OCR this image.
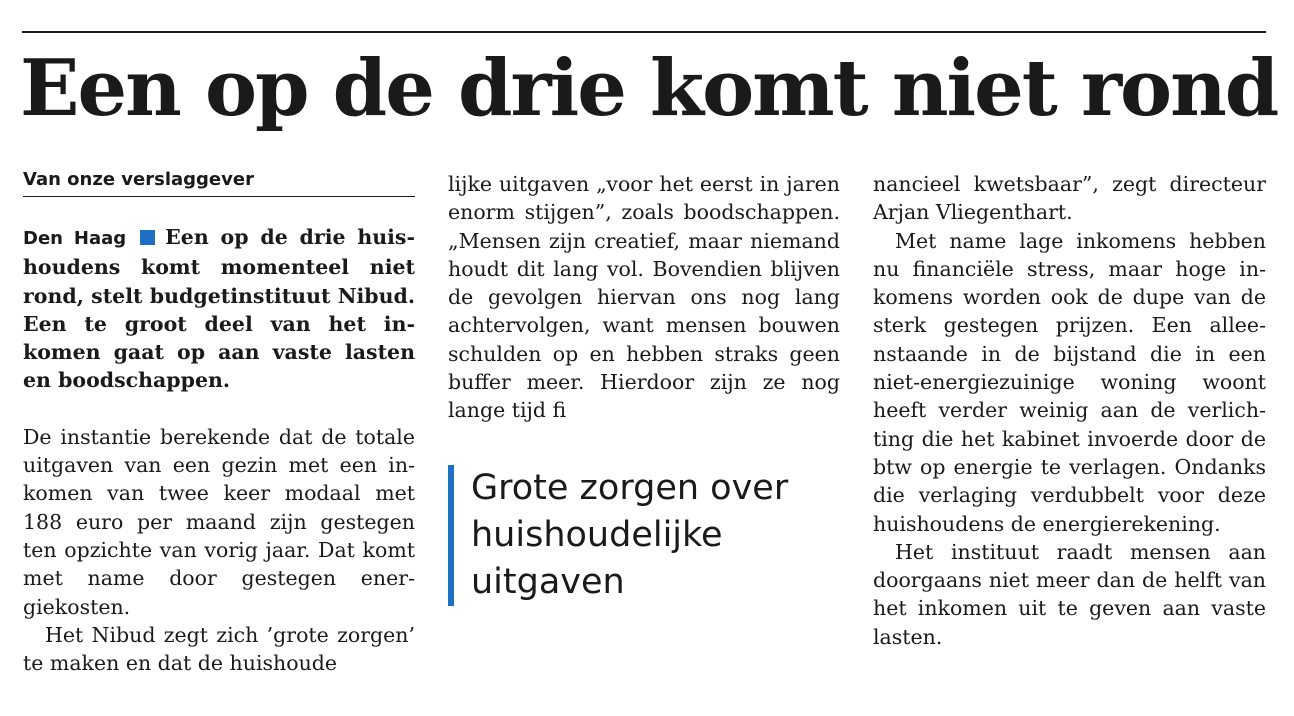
Een op de drie komt niet rond
Van onze verslaggever

Den Haag Een op de drie huishoudens komt momenteel niet rond, stelt budgetinstituut Nibud. Een te groot deel van het inkomen gaat op aan vaste lasten en boodschappen.

De instantie berekende dat de totale uitgaven van een gezin met een inkomen van twee keer modaal met 188 euro per maand zijn gestegen ten opzichte van vorig jaar. Dat komt met name door gestegen energiekosten.

Het Nibud zegt zich ’grote zorgen’ te maken en dat de huishoude

lijke uitgaven „voor het eerst in jaren enorm stijgen”, zoals boodschappen. „Mensen zijn creatief, maar niemand houdt dit lang vol. Bovendien blijven de gevolgen hiervan ons nog lang achtervolgen, want mensen bouwen schulden op en hebben straks geen buffer meer. Hierdoor zijn ze nog lange tijd fi

Grote zorgen over huishoudelijke uitgaven

nancieel kwetsbaar”, zegt directeur Arjan Vliegenthart.

Met name lage inkomens hebben nu financiële stress, maar hoge inkomens worden ook de dupe van de sterk gestegen prijzen. Een alleenstaande in de bijstand die in een niet-energiezuinige woning woont heeft verder weinig aan de verlichting die het kabinet invoerde door de btw op energie te verlagen. Ondanks die verlaging verdubbelt voor deze huishoudens de energierekening.

Het instituut raadt mensen aan doorgaans niet meer dan de helft van het inkomen uit te geven aan vaste lasten.
